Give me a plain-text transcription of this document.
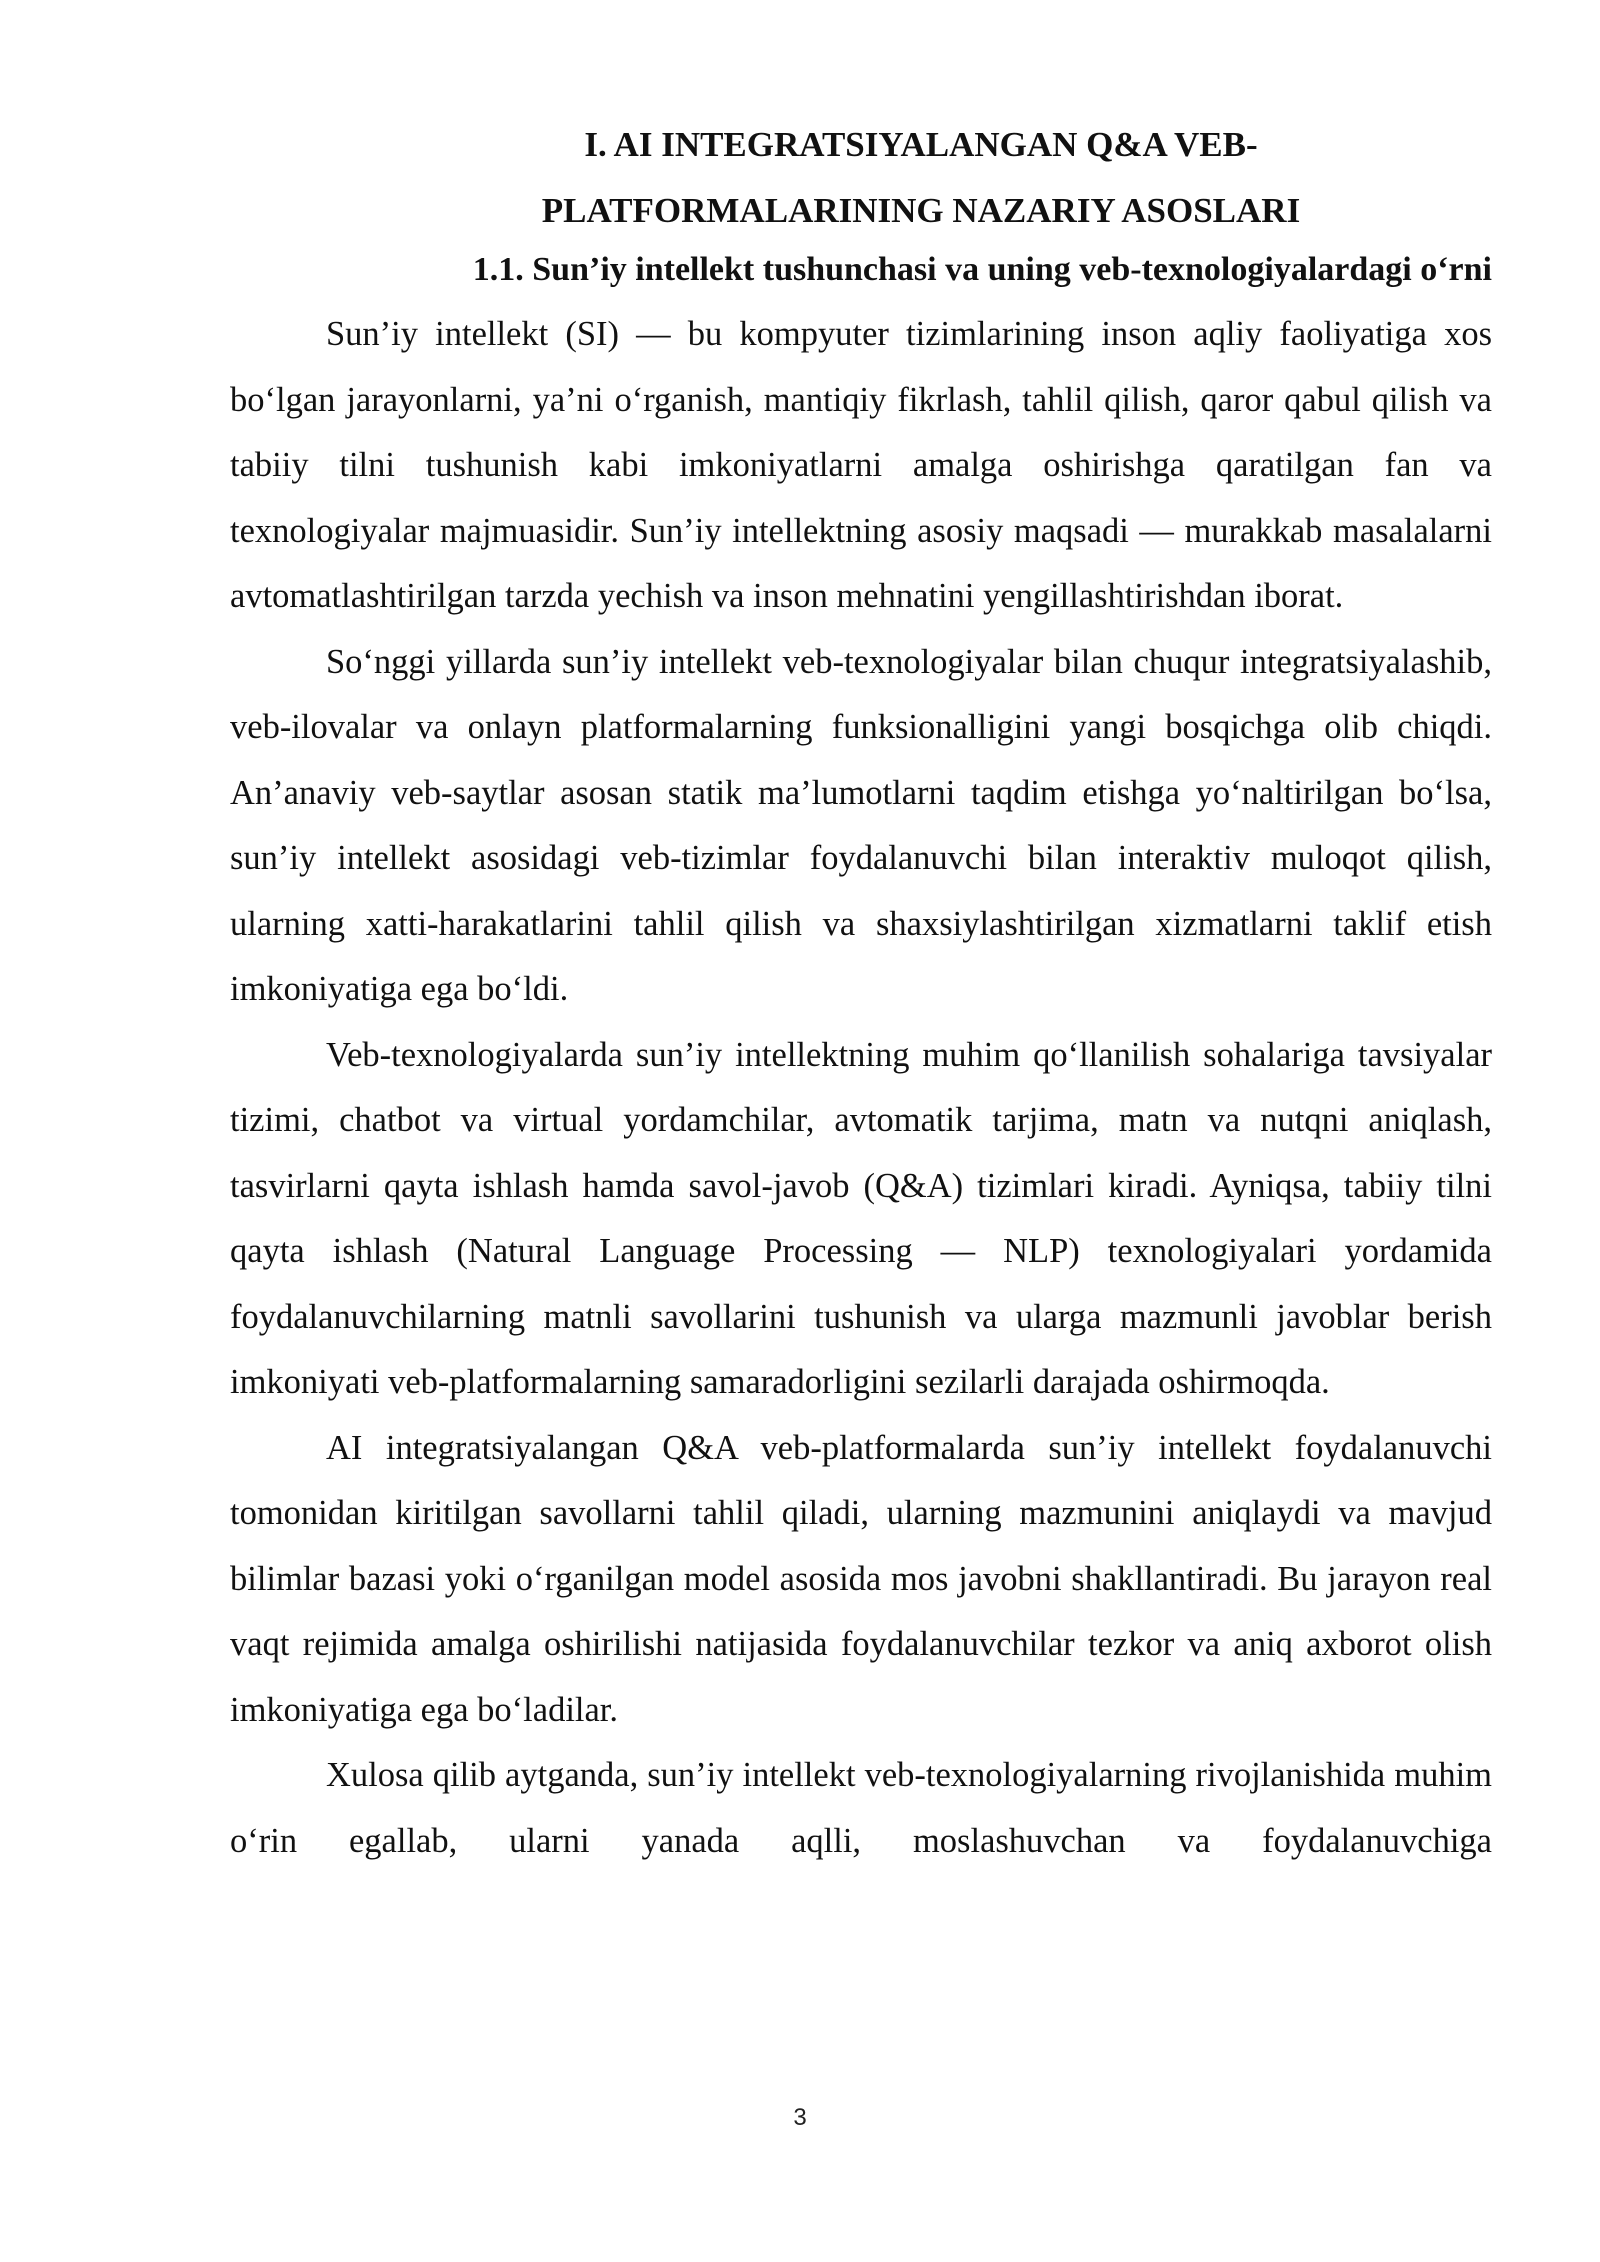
I. AI INTEGRATSIYALANGAN Q&A VEB-
PLATFORMALARINING NAZARIY ASOSLARI
1.1. Sun’iy intellekt tushunchasi va uning veb-texnologiyalardagi o‘rni

Sun’iy intellekt (SI) — bu kompyuter tizimlarining inson aqliy faoliyatiga xos bo‘lgan jarayonlarni, ya’ni o‘rganish, mantiqiy fikrlash, tahlil qilish, qaror qabul qilish va tabiiy tilni tushunish kabi imkoniyatlarni amalga oshirishga qaratilgan fan va texnologiyalar majmuasidir. Sun’iy intellektning asosiy maqsadi — murakkab masalalarni avtomatlashtirilgan tarzda yechish va inson mehnatini yengillashtirishdan iborat.

So‘nggi yillarda sun’iy intellekt veb-texnologiyalar bilan chuqur integratsiyalashib, veb-ilovalar va onlayn platformalarning funksionalligini yangi bosqichga olib chiqdi. An’anaviy veb-saytlar asosan statik ma’lumotlarni taqdim etishga yo‘naltirilgan bo‘lsa, sun’iy intellekt asosidagi veb-tizimlar foydalanuvchi bilan interaktiv muloqot qilish, ularning xatti-harakatlarini tahlil qilish va shaxsiylashtirilgan xizmatlarni taklif etish imkoniyatiga ega bo‘ldi.

Veb-texnologiyalarda sun’iy intellektning muhim qo‘llanilish sohalariga tavsiyalar tizimi, chatbot va virtual yordamchilar, avtomatik tarjima, matn va nutqni aniqlash, tasvirlarni qayta ishlash hamda savol-javob (Q&A) tizimlari kiradi. Ayniqsa, tabiiy tilni qayta ishlash (Natural Language Processing — NLP) texnologiyalari yordamida foydalanuvchilarning matnli savollarini tushunish va ularga mazmunli javoblar berish imkoniyati veb-platformalarning samaradorligini sezilarli darajada oshirmoqda.

AI integratsiyalangan Q&A veb-platformalarda sun’iy intellekt foydalanuvchi tomonidan kiritilgan savollarni tahlil qiladi, ularning mazmunini aniqlaydi va mavjud bilimlar bazasi yoki o‘rganilgan model asosida mos javobni shakllantiradi. Bu jarayon real vaqt rejimida amalga oshirilishi natijasida foydalanuvchilar tezkor va aniq axborot olish imkoniyatiga ega bo‘ladilar.

Xulosa qilib aytganda, sun’iy intellekt veb-texnologiyalarning rivojlanishida muhim o‘rin egallab, ularni yanada aqlli, moslashuvchan va foydalanuvchiga

3
